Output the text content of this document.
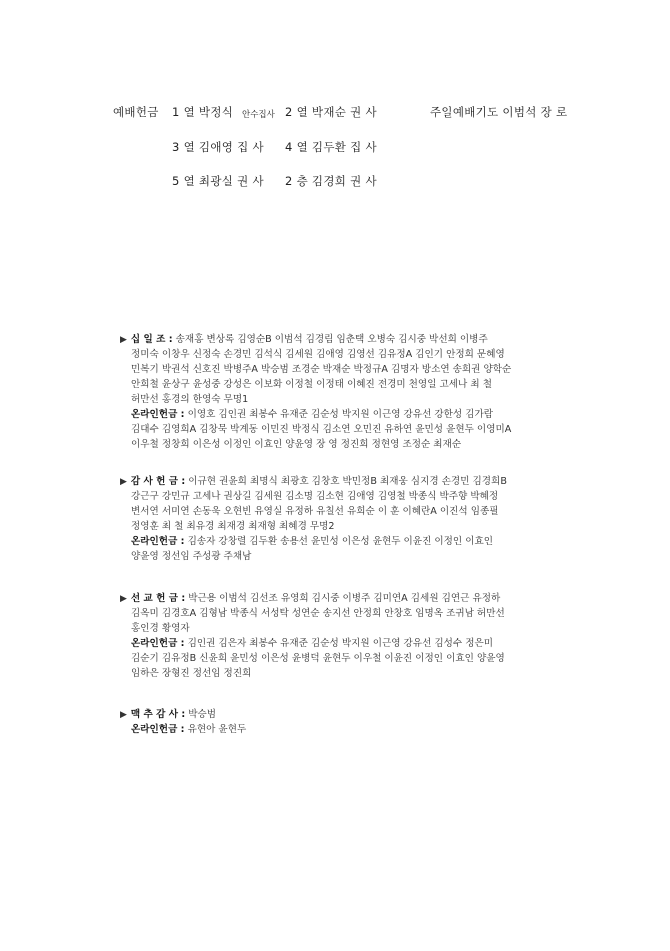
예배헌금 1 열 박정식 안수집사 2 열 박재순 권 사	주일예배기도 이범석 장 로
3 열 김애영 집 사 4 열 김두환 집 사
5 열 최광실 권 사 2 층 김경희 권 사
▶ 십 일 조 : 송재홍 변상록 김영순B 이범석 김경림 임춘택 오병숙 김시중 박선희 이병주
정미숙 이창우 신정숙 손경민 김석식 김세원 김애영 김영선 김유정A 김인기 안정희 문혜영
민복기 박권석 신호진 박병주A 박승범 조경순 박재순 박정규A 김명자 방소연 송희권 양학순
안희철 윤상구 윤성중 강성은 이보화 이정철 이정태 이혜진 전경미 천영일 고세나 최 철
허만선 홍경의 한영숙 무명1
온라인헌금 : 이영호 김인권 최봉수 유재준 김순성 박지원 이근영 강유선 강한성 김가람
김대수 김영희A 김창묵 박계동 이민진 박정식 김소연 오민진 유하연 윤민성 윤현두 이영미A
이우철 정창희 이은성 이정인 이효인 양윤영 장 영 정진희 정현영 조정순 최재순
▶ 감 사 헌 금 : 이규현 권윤희 최명식 최광호 김창호 박민정B 최재웅 심지경 손경민 김경희B
강근구 강민규 고세나 권상길 김세원 김소명 김소현 김애영 김영철 박종식 박주향 박혜정
변서연 서미연 손동욱 오현빈 유영실 유정하 유칠선 유희순 이 훈 이혜란A 이진석 임종필
정영훈 최 철 최유경 최재경 최재형 최혜경 무명2
온라인헌금 : 김송자 강창렬 김두환 송용선 윤민성 이은성 윤현두 이윤진 이정인 이효인
양윤영 정선임 주성광 주채남
▶ 선 교 헌 금 : 박근용 이범석 김선조 유영희 김시중 이병주 김미연A 김세원 김연근 유정하
김옥미 김경호A 김형남 박종식 서성탁 성연순 송지선 안정희 안창호 임명옥 조귀남 허만선
홍인경 황영자
온라인헌금 : 김인권 김은자 최봉수 유재준 김순성 박지원 이근영 강유선 김성수 정은미
김순기 김유정B 신윤희 윤민성 이은성 윤병덕 윤현두 이우철 이윤진 이정인 이효인 양윤영
임하은 장형진 정선임 정진희
▶ 맥 추 감 사 : 박승범
온라인헌금 : 유현아 윤현두
